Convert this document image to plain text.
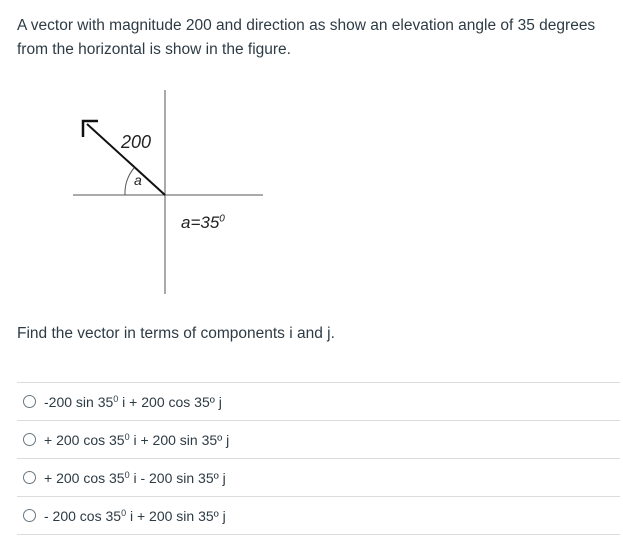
A vector with magnitude 200 and direction as show an elevation angle of 35 degrees from the horizontal is show in the figure.

200
a
$a=35^0$

Find the vector in terms of components i and j.

-200 $\sin 35^0$ i + 200 cos 35º j
+ 200 $\cos 35^0$ i + 200 sin 35º j
+ 200 $\cos 35^0$ i - 200 sin 35º j
- 200 $\cos 35^0$ i + 200 sin 35º j
